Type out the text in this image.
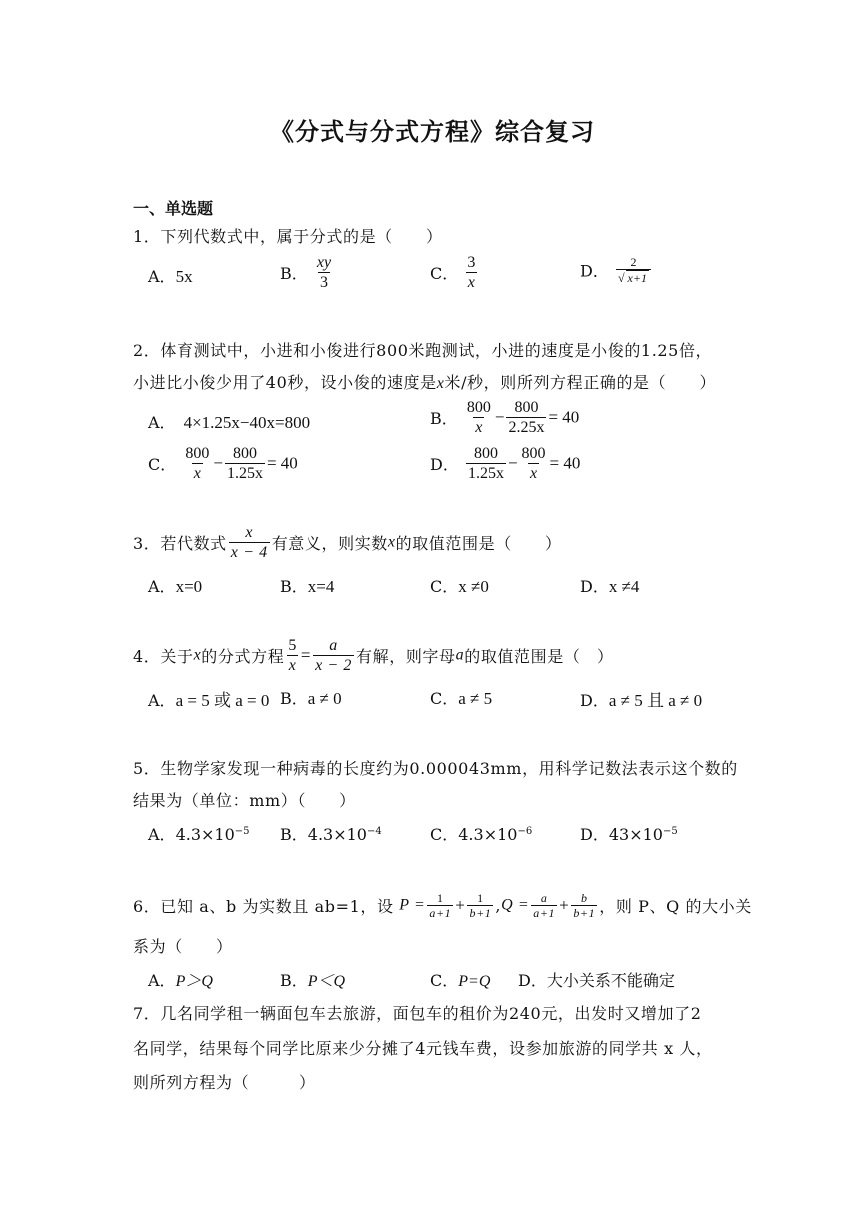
《分式与分式方程》综合复习
一、单选题
1．下列代数式中，属于分式的是（　　）
A．5x	B． $\frac{xy}{3}$	C． $\frac{3}{x}$	D． $\frac{2}{√ x+1}$
2．体育测试中，小进和小俊进行800米跑测试，小进的速度是小俊的1.25倍，
小进比小俊少用了40秒，设小俊的速度是x米/秒，则所列方程正确的是（　　）
A． 4×1.25x−40x=800	B． $\frac{800}{x} - \frac{800}{2.25x} = 40$
C． $\frac{800}{x} - \frac{800}{1.25x} = 40$	D． $\frac{800}{1.25x} - \frac{800}{x} = 40$
3．若代数式 $\frac{x}{x - 4}$ 有意义，则实数x的取值范围是（　　）
A．x=0	B．x=4	C．x ≠0	D．x ≠4
4．关于x的分式方程 $\frac{5}{x} = \frac{a}{x - 2}$ 有解，则字母a的取值范围是（　）
A．a = 5 或 a = 0 B．a ≠ 0	C．a ≠ 5	D．a ≠ 5 且 a ≠ 0
5．生物学家发现一种病毒的长度约为0.000043mm，用科学记数法表示这个数的
结果为（单位：mm）（　　）
A．$4.3\times 10^{-5}$ B．$4.3\times 10^{-4}$	C．$4.3\times 10^{-6}$	D．$43\times 10^{-5}$
6．已知 a、b 为实数且 ab=1，设 $P = \frac{1}{a+1} + \frac{1}{b+1} ,Q = \frac{a}{a+1} + \frac{b}{b+1}$ ，则 P、Q 的大小关
系为（　　）
A．P＞Q	B．P＜Q	C．P=Q D．大小关系不能确定
7．几名同学租一辆面包车去旅游，面包车的租价为240元，出发时又增加了2
名同学，结果每个同学比原来少分摊了4元钱车费，设参加旅游的同学共 x 人，
则所列方程为（　　　）
